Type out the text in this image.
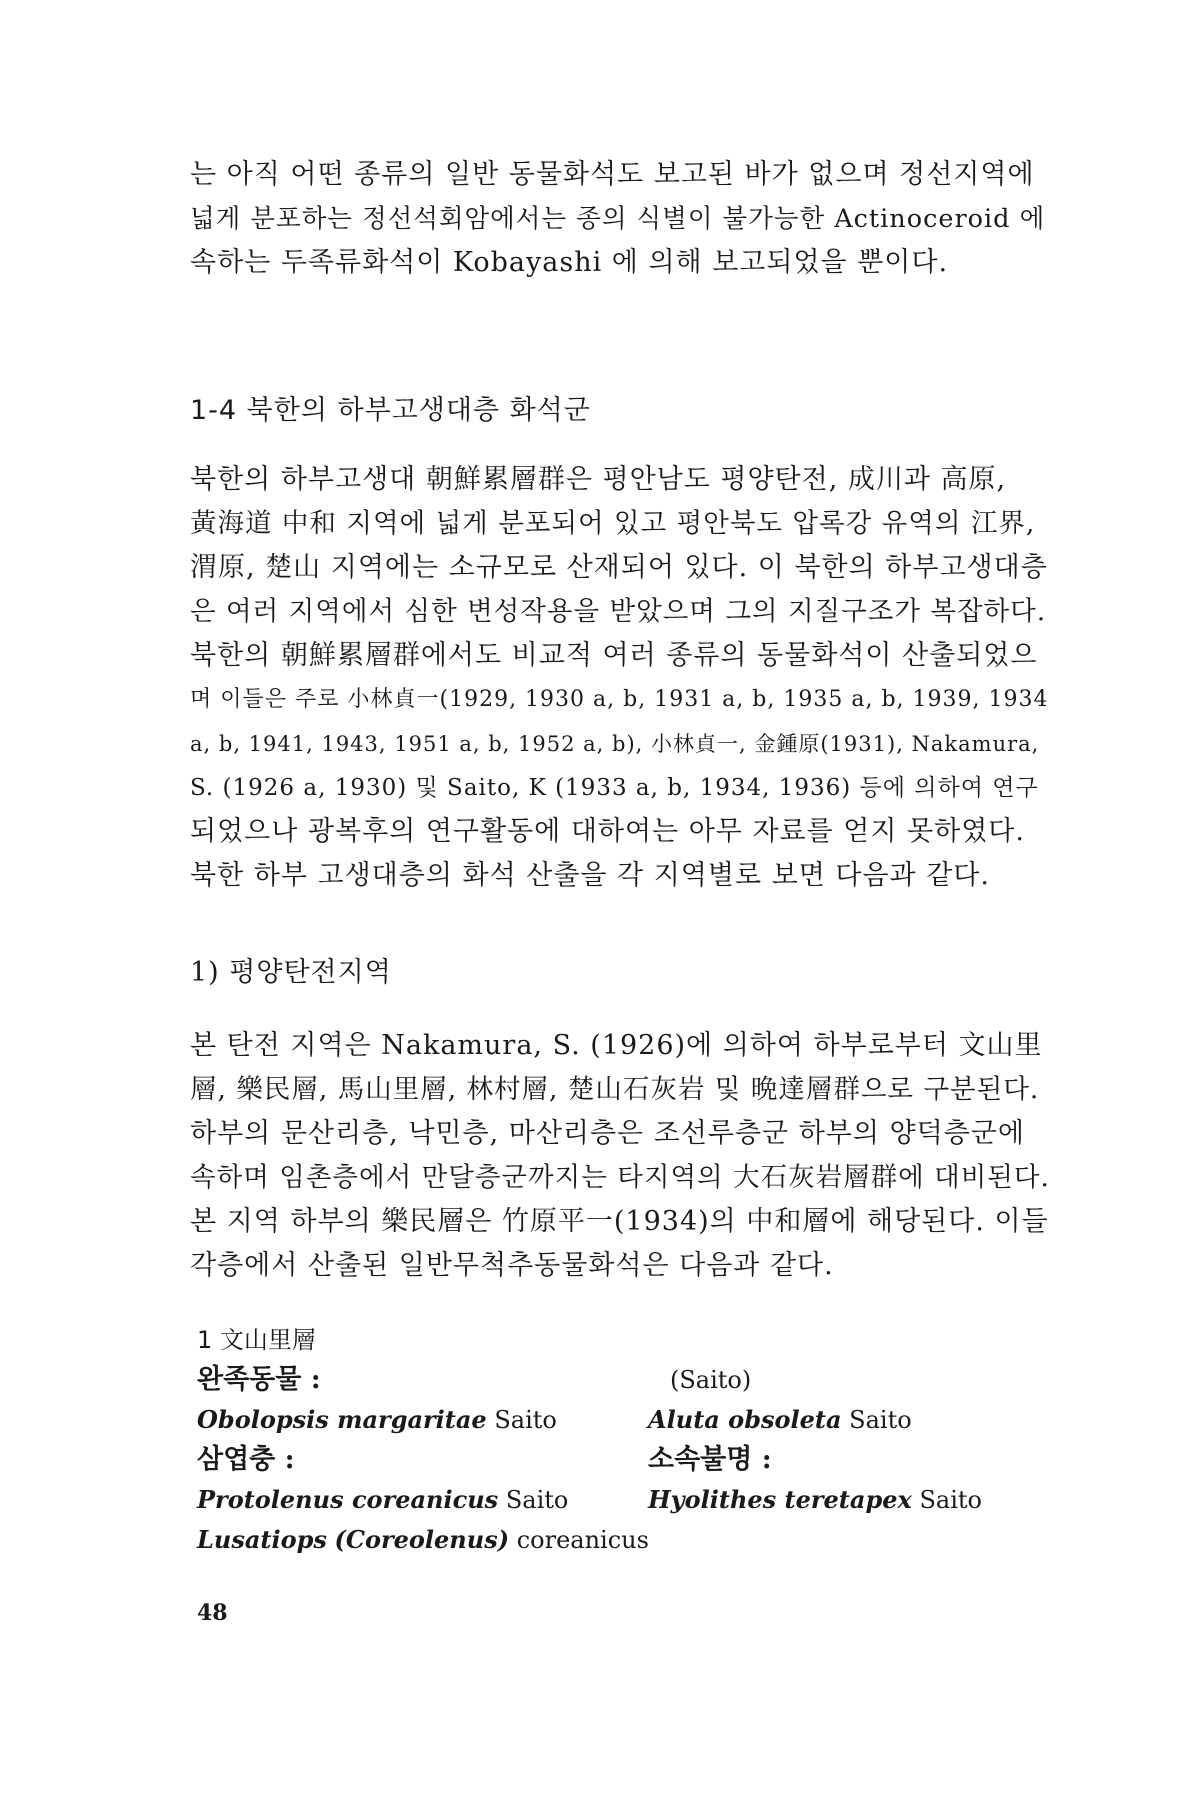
는 아직 어떤 종류의 일반 동물화석도 보고된 바가 없으며 정선지역에
넓게 분포하는 정선석회암에서는 종의 식별이 불가능한 Actinoceroid 에
속하는 두족류화석이 Kobayashi 에 의해 보고되었을 뿐이다.

1-4 북한의 하부고생대층 화석군

북한의 하부고생대 朝鮮累層群은 평안남도 평양탄전, 成川과 高原,
黃海道 中和 지역에 넓게 분포되어 있고 평안북도 압록강 유역의 江界,
渭原, 楚山 지역에는 소규모로 산재되어 있다. 이 북한의 하부고생대층
은 여러 지역에서 심한 변성작용을 받았으며 그의 지질구조가 복잡하다.

북한의 朝鮮累層群에서도 비교적 여러 종류의 동물화석이 산출되었으
며 이들은 주로 小林貞一(1929, 1930 a, b, 1931 a, b, 1935 a, b, 1939, 1934
a, b, 1941, 1943, 1951 a, b, 1952 a, b), 小林貞一, 金鍾原(1931), Nakamura,
S. (1926 a, 1930) 및 Saito, K (1933 a, b, 1934, 1936) 등에 의하여 연구
되었으나 광복후의 연구활동에 대하여는 아무 자료를 얻지 못하였다.

북한 하부 고생대층의 화석 산출을 각 지역별로 보면 다음과 같다.

1) 평양탄전지역

본 탄전 지역은 Nakamura, S. (1926)에 의하여 하부로부터 文山里
層, 樂民層, 馬山里層, 林村層, 楚山石灰岩 및 晩達層群으로 구분된다.
하부의 문산리층, 낙민층, 마산리층은 조선루층군 하부의 양덕층군에
속하며 임촌층에서 만달층군까지는 타지역의 大石灰岩層群에 대비된다.
본 지역 하부의 樂民層은 竹原平一(1934)의 中和層에 해당된다. 이들
각층에서 산출된 일반무척추동물화석은 다음과 같다.

1 文山里層
완족동물 :
Obolopsis margaritae Saito
삼엽충 :
Protolenus coreanicus Saito
Lusatiops (Coreolenus) coreanicus
(Saito)
Aluta obsoleta Saito
소속불명 :
Hyolithes teretapex Saito
48
